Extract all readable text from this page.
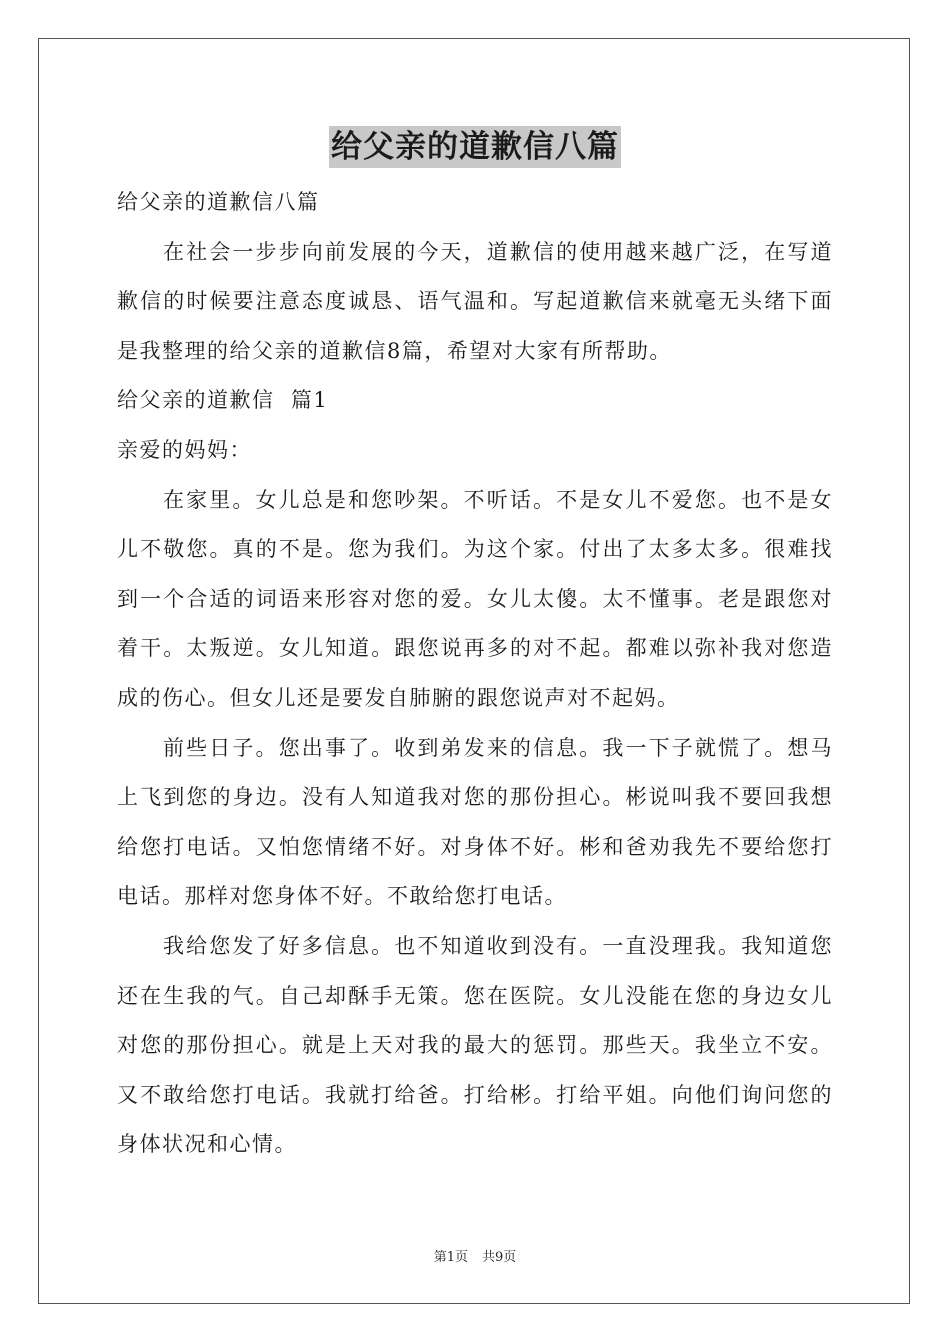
给父亲的道歉信八篇

给父亲的道歉信八篇

在社会一步步向前发展的今天，道歉信的使用越来越广泛，在写道歉信的时候要注意态度诚恳、语气温和。写起道歉信来就毫无头绪下面是我整理的给父亲的道歉信8篇，希望对大家有所帮助。

给父亲的道歉信  篇1

亲爱的妈妈：

在家里。女儿总是和您吵架。不听话。不是女儿不爱您。也不是女儿不敬您。真的不是。您为我们。为这个家。付出了太多太多。很难找到一个合适的词语来形容对您的爱。女儿太傻。太不懂事。老是跟您对着干。太叛逆。女儿知道。跟您说再多的对不起。都难以弥补我对您造成的伤心。但女儿还是要发自肺腑的跟您说声对不起妈。

前些日子。您出事了。收到弟发来的信息。我一下子就慌了。想马上飞到您的身边。没有人知道我对您的那份担心。彬说叫我不要回我想给您打电话。又怕您情绪不好。对身体不好。彬和爸劝我先不要给您打电话。那样对您身体不好。不敢给您打电话。

我给您发了好多信息。也不知道收到没有。一直没理我。我知道您还在生我的气。自己却酥手无策。您在医院。女儿没能在您的身边女儿对您的那份担心。就是上天对我的最大的惩罚。那些天。我坐立不安。又不敢给您打电话。我就打给爸。打给彬。打给平姐。向他们询问您的身体状况和心情。

第1页 共9页
